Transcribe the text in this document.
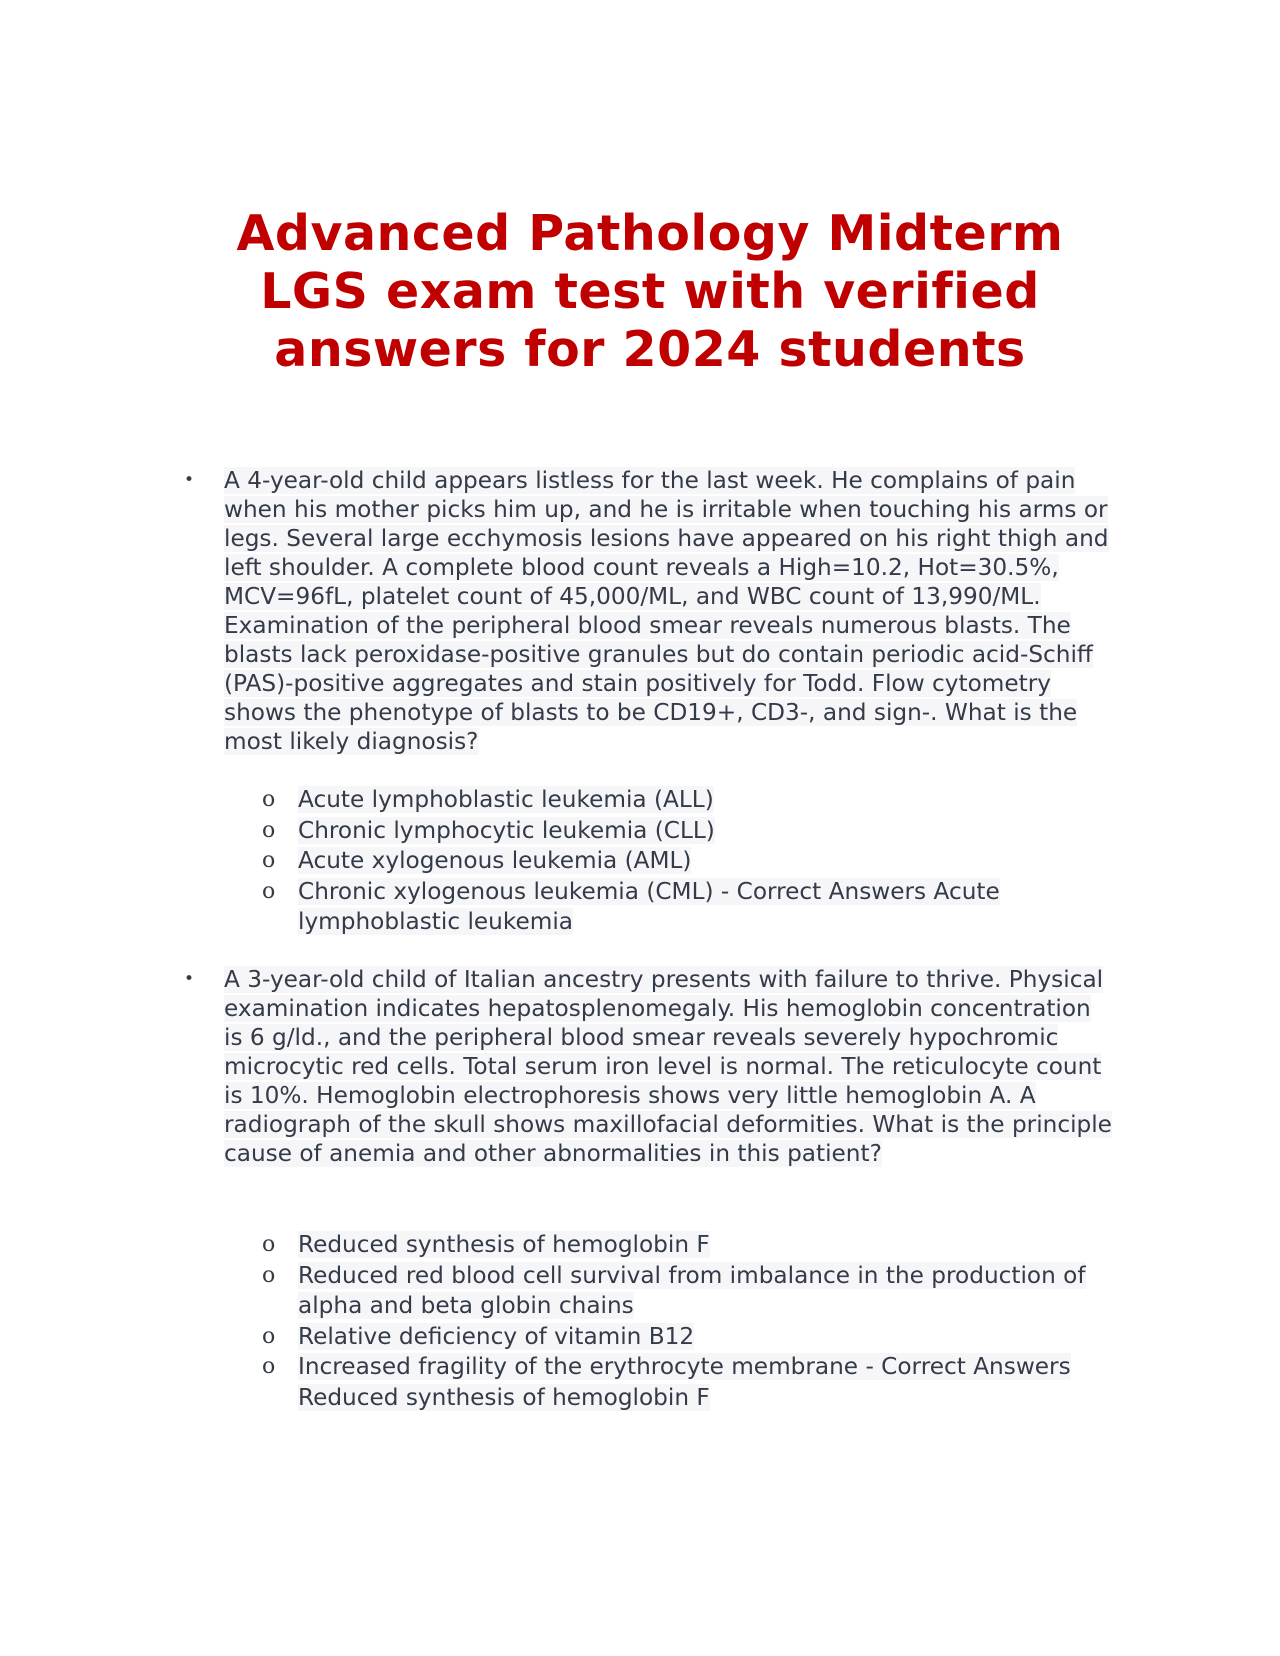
Advanced Pathology Midterm LGS exam test with verified answers for 2024 students
• A 4-year-old child appears listless for the last week. He complains of pain when his mother picks him up, and he is irritable when touching his arms or legs. Several large ecchymosis lesions have appeared on his right thigh and left shoulder. A complete blood count reveals a High=10.2, Hot=30.5%, MCV=96fL, platelet count of 45,000/ML, and WBC count of 13,990/ML. Examination of the peripheral blood smear reveals numerous blasts. The blasts lack peroxidase-positive granules but do contain periodic acid-Schiff (PAS)-positive aggregates and stain positively for Todd. Flow cytometry shows the phenotype of blasts to be CD19+, CD3-, and sign-. What is the most likely diagnosis?

o Acute lymphoblastic leukemia (ALL)
o Chronic lymphocytic leukemia (CLL)
o Acute xylogenous leukemia (AML)
o Chronic xylogenous leukemia (CML) - Correct Answers Acute lymphoblastic leukemia
• A 3-year-old child of Italian ancestry presents with failure to thrive. Physical examination indicates hepatosplenomegaly. His hemoglobin concentration is 6 g/ld., and the peripheral blood smear reveals severely hypochromic microcytic red cells. Total serum iron level is normal. The reticulocyte count is 10%. Hemoglobin electrophoresis shows very little hemoglobin A. A radiograph of the skull shows maxillofacial deformities. What is the principle cause of anemia and other abnormalities in this patient?

o Reduced synthesis of hemoglobin F
o Reduced red blood cell survival from imbalance in the production of alpha and beta globin chains
o Relative deficiency of vitamin B12
o Increased fragility of the erythrocyte membrane - Correct Answers Reduced synthesis of hemoglobin F
